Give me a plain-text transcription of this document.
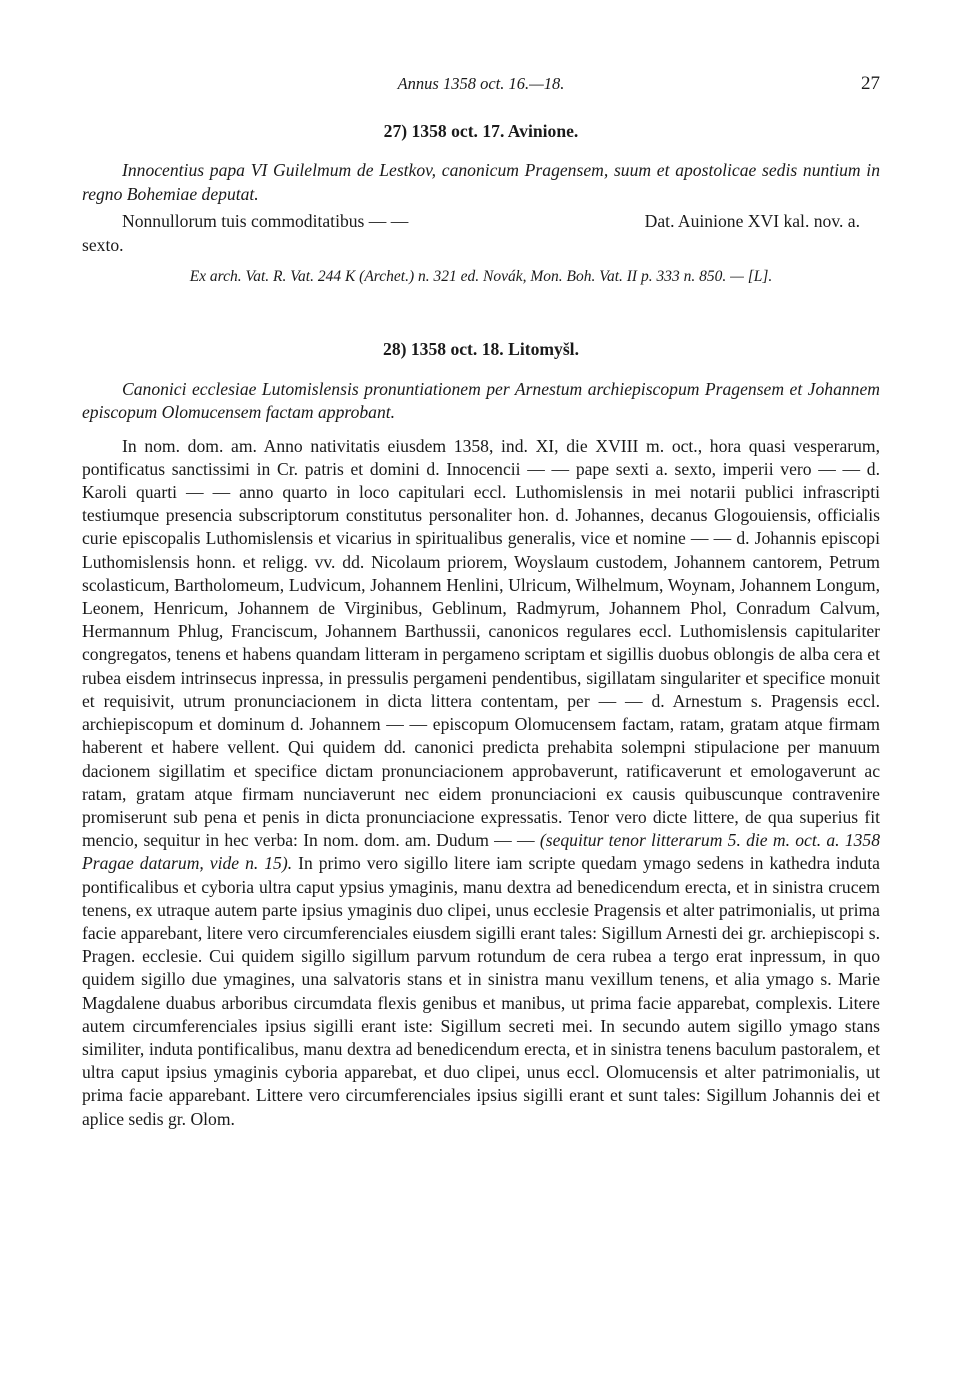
Annus 1358 oct. 16.—18.	27
27) 1358 oct. 17. Avinione.

Innocentius papa VI Guilelmum de Lestkov, canonicum Pragensem, suum et apostolicae sedis nuntium in regno Bohemiae deputat.

Nonnullorum tuis commoditatibus — —	Dat. Auinione XVI kal. nov. a.
sexto.

Ex arch. Vat. R. Vat. 244 K (Archet.) n. 321 ed. Novák, Mon. Boh. Vat. II p. 333 n. 850. — [L].

28) 1358 oct. 18. Litomyšl.

Canonici ecclesiae Lutomislensis pronuntiationem per Arnestum archiepiscopum Pragensem et Johannem episcopum Olomucensem factam approbant.

In nom. dom. am. Anno nativitatis eiusdem 1358, ind. XI, die XVIII m. oct., hora quasi vesperarum, pontificatus sanctissimi in Cr. patris et domini d. Innocencii — — pape sexti a. sexto, imperii vero — — d. Karoli quarti — — anno quarto in loco capitulari eccl. Luthomislensis in mei notarii publici infrascripti testiumque presencia subscriptorum constitutus personaliter hon. d. Johannes, decanus Glogouiensis, officialis curie episcopalis Luthomislensis et vicarius in spiritualibus generalis, vice et nomine — — d. Johannis episcopi Luthomislensis honn. et religg. vv. dd. Nicolaum priorem, Woyslaum custodem, Johannem cantorem, Petrum scolasticum, Bartholomeum, Ludvicum, Johannem Henlini, Ulricum, Wilhelmum, Woynam, Johannem Longum, Leonem, Henricum, Johannem de Virginibus, Geblinum, Radmyrum, Johannem Phol, Conradum Calvum, Hermannum Phlug, Franciscum, Johannem Barthussii, canonicos regulares eccl. Luthomislensis capitulariter congregatos, tenens et habens quandam litteram in pergameno scriptam et sigillis duobus oblongis de alba cera et rubea eisdem intrinsecus inpressa, in pressulis pergameni pendentibus, sigillatam singulariter et specifice monuit et requisivit, utrum pronunciacionem in dicta littera contentam, per — — d. Arnestum s. Pragensis eccl. archiepiscopum et dominum d. Johannem — — episcopum Olomucensem factam, ratam, gratam atque firmam haberent et habere vellent. Qui quidem dd. canonici predicta prehabita solempni stipulacione per manuum dacionem sigillatim et specifice dictam pronunciacionem approbaverunt, ratificaverunt et emologaverunt ac ratam, gratam atque firmam nunciaverunt nec eidem pronunciacioni ex causis quibuscunque contravenire promiserunt sub pena et penis in dicta pronunciacione expressatis. Tenor vero dicte littere, de qua superius fit mencio, sequitur in hec verba: In nom. dom. am. Dudum — — (sequitur tenor litterarum 5. die m. oct. a. 1358 Pragae datarum, vide n. 15). In primo vero sigillo litere iam scripte quedam ymago sedens in kathedra induta pontificalibus et cyboria ultra caput ypsius ymaginis, manu dextra ad benedicendum erecta, et in sinistra crucem tenens, ex utraque autem parte ipsius ymaginis duo clipei, unus ecclesie Pragensis et alter patrimonialis, ut prima facie apparebant, litere vero circumferenciales eiusdem sigilli erant tales: Sigillum Arnesti dei gr. archiepiscopi s. Pragen. ecclesie. Cui quidem sigillo sigillum parvum rotundum de cera rubea a tergo erat inpressum, in quo quidem sigillo due ymagines, una salvatoris stans et in sinistra manu vexillum tenens, et alia ymago s. Marie Magdalene duabus arboribus circumdata flexis genibus et manibus, ut prima facie apparebat, complexis. Litere autem circumferenciales ipsius sigilli erant iste: Sigillum secreti mei. In secundo autem sigillo ymago stans similiter, induta pontificalibus, manu dextra ad benedicendum erecta, et in sinistra tenens baculum pastoralem, et ultra caput ipsius ymaginis cyboria apparebat, et duo clipei, unus eccl. Olomucensis et alter patrimonialis, ut prima facie apparebant. Littere vero circumferenciales ipsius sigilli erant et sunt tales: Sigillum Johannis dei et aplice sedis gr. Olom.
